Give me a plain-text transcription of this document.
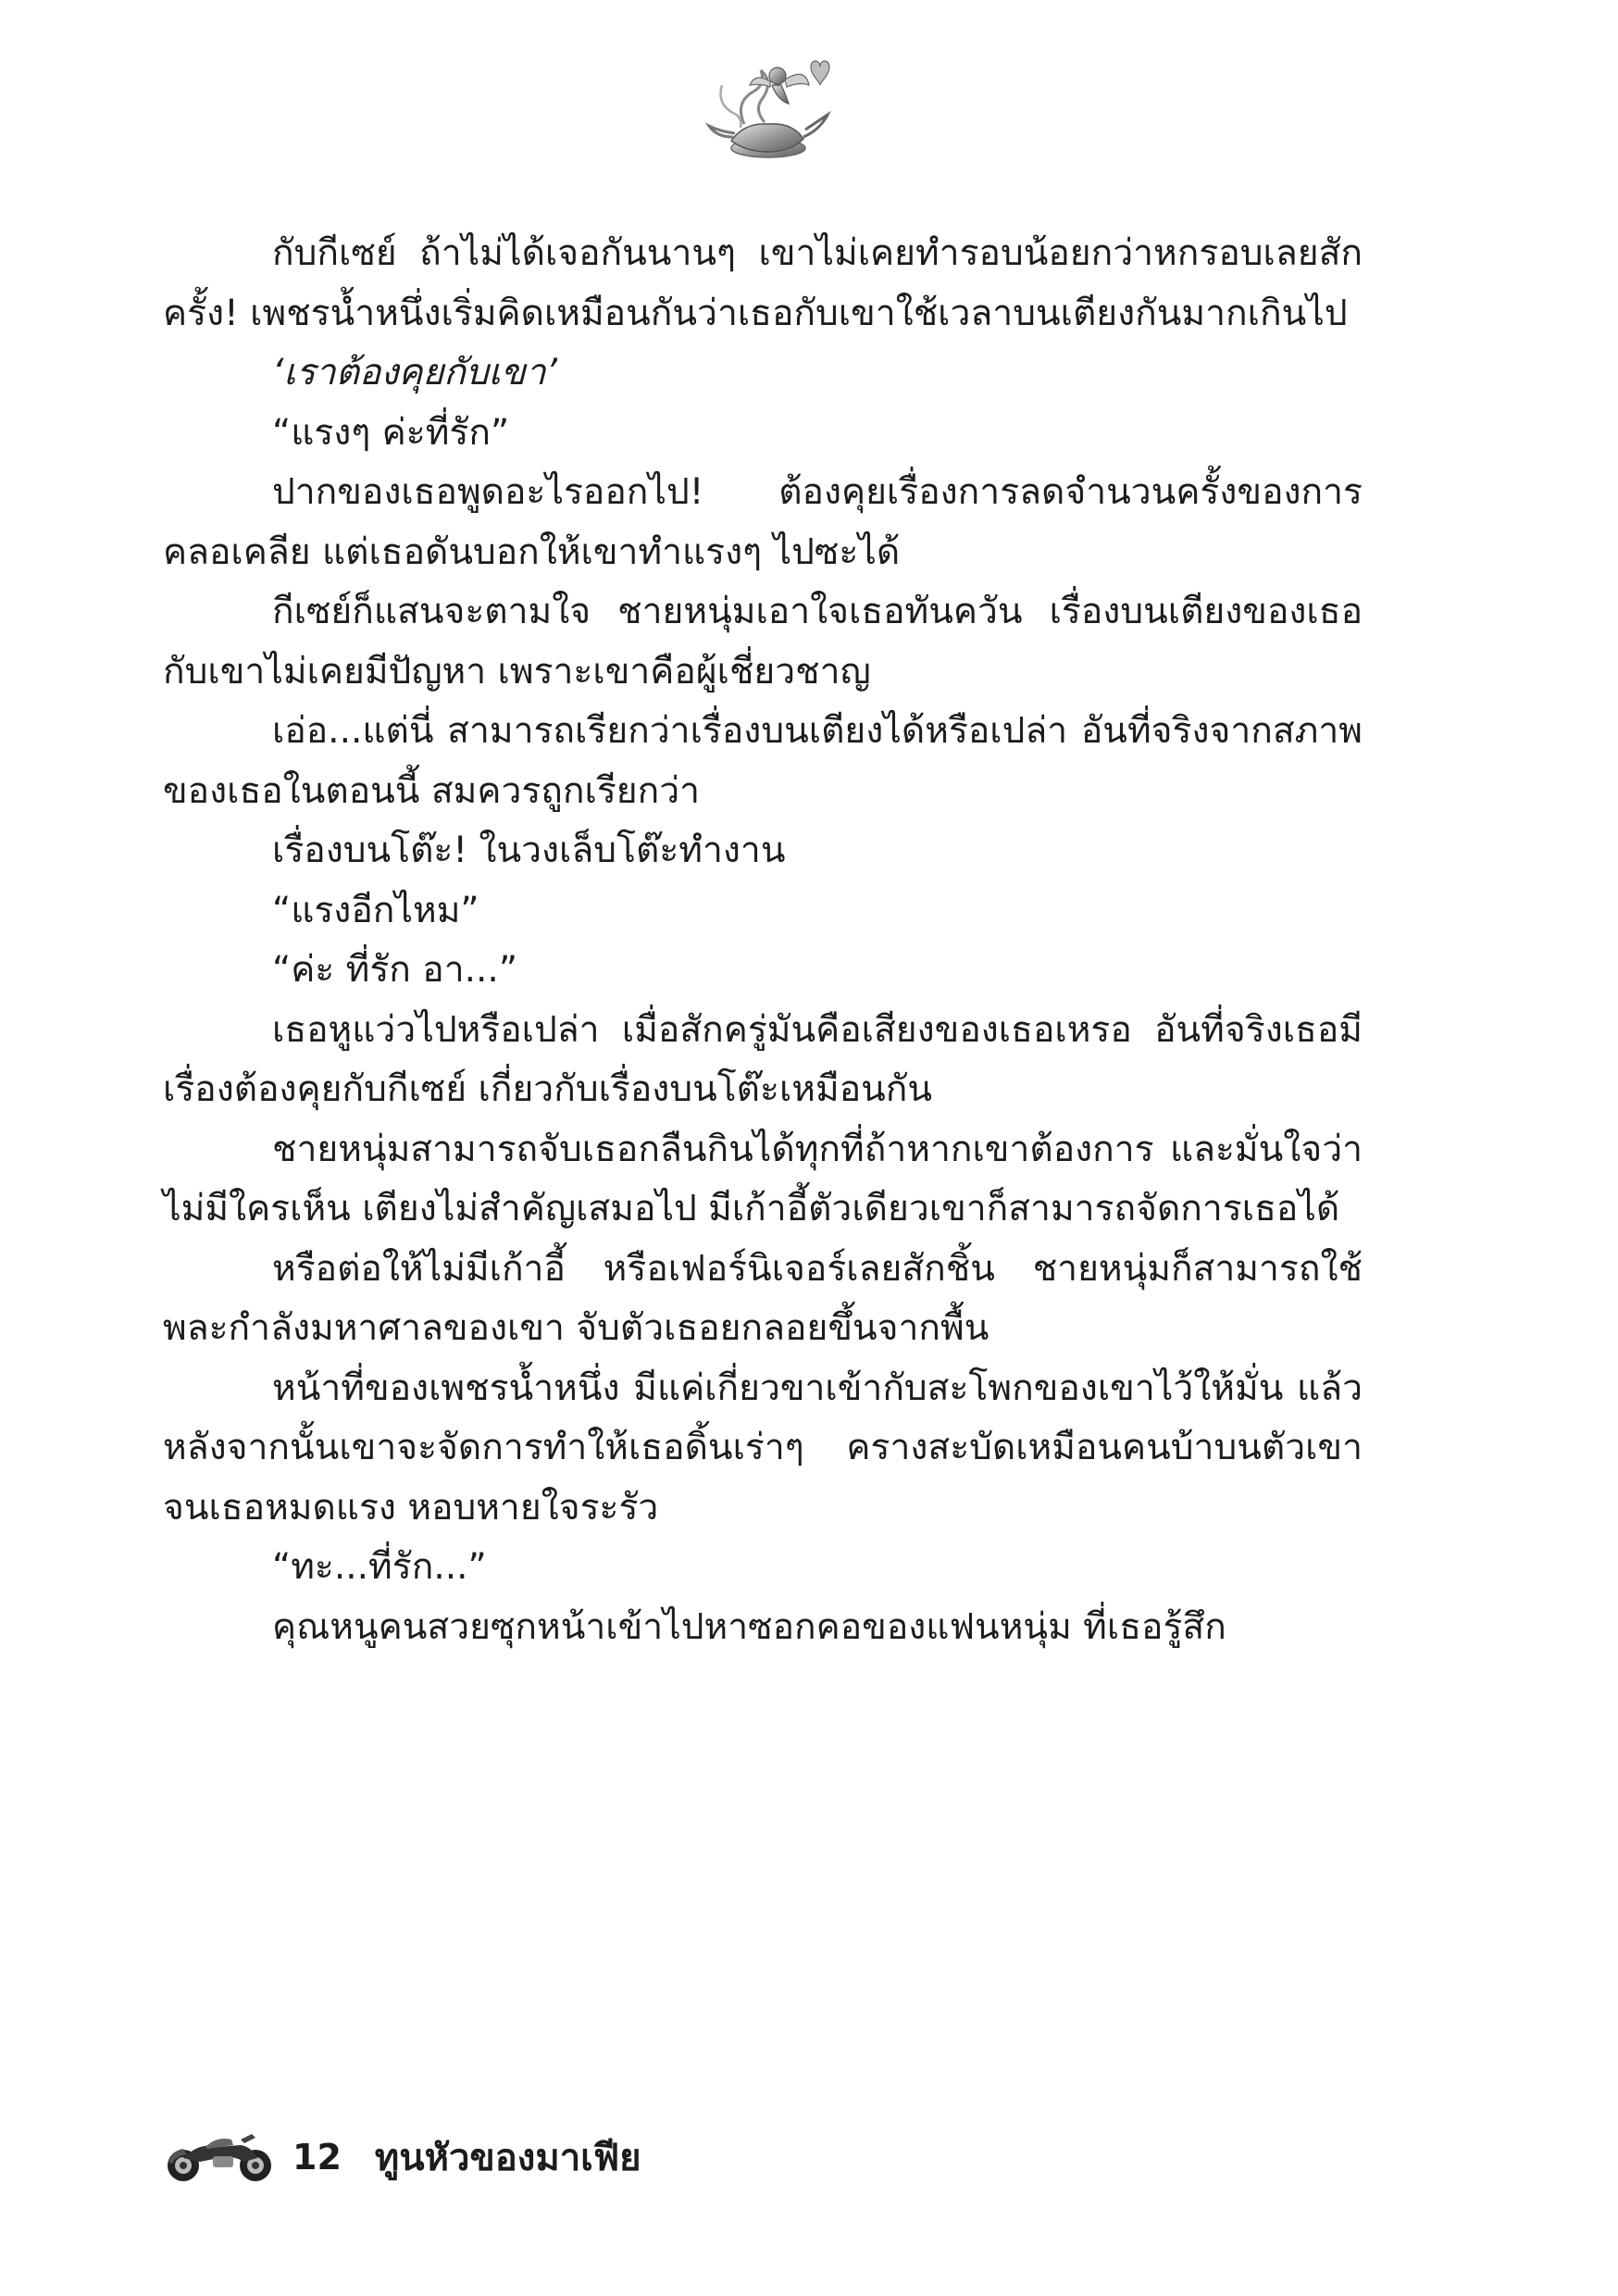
กับกีเซย์ ถ้าไม่ได้เจอกันนานๆ เขาไม่เคยทำรอบน้อยกว่าหกรอบเลยสักครั้ง! เพชรน้ำหนึ่งเริ่มคิดเหมือนกันว่าเธอกับเขาใช้เวลาบนเตียงกันมากเกินไป

‘เราต้องคุยกับเขา’

“แรงๆ ค่ะที่รัก”

ปากของเธอพูดอะไรออกไป! ต้องคุยเรื่องการลดจำนวนครั้งของการคลอเคลีย แต่เธอดันบอกให้เขาทำแรงๆ ไปซะได้

กีเซย์ก็แสนจะตามใจ ชายหนุ่มเอาใจเธอทันควัน เรื่องบนเตียงของเธอกับเขาไม่เคยมีปัญหา เพราะเขาคือผู้เชี่ยวชาญ

เอ่อ...แต่นี่ สามารถเรียกว่าเรื่องบนเตียงได้หรือเปล่า อันที่จริงจากสภาพของเธอในตอนนี้ สมควรถูกเรียกว่า

เรื่องบนโต๊ะ! ในวงเล็บโต๊ะทำงาน

“แรงอีกไหม”

“ค่ะ ที่รัก อา...”

เธอหูแว่วไปหรือเปล่า เมื่อสักครู่มันคือเสียงของเธอเหรอ อันที่จริงเธอมีเรื่องต้องคุยกับกีเซย์ เกี่ยวกับเรื่องบนโต๊ะเหมือนกัน

ชายหนุ่มสามารถจับเธอกลืนกินได้ทุกที่ถ้าหากเขาต้องการ และมั่นใจว่าไม่มีใครเห็น เตียงไม่สำคัญเสมอไป มีเก้าอี้ตัวเดียวเขาก็สามารถจัดการเธอได้

หรือต่อให้ไม่มีเก้าอี้ หรือเฟอร์นิเจอร์เลยสักชิ้น ชายหนุ่มก็สามารถใช้พละกำลังมหาศาลของเขา จับตัวเธอยกลอยขึ้นจากพื้น

หน้าที่ของเพชรน้ำหนึ่ง มีแค่เกี่ยวขาเข้ากับสะโพกของเขาไว้ให้มั่น แล้วหลังจากนั้นเขาจะจัดการทำให้เธอดิ้นเร่าๆ ครางสะบัดเหมือนคนบ้าบนตัวเขา จนเธอหมดแรง หอบหายใจระรัว

“ทะ...ที่รัก...”

คุณหนูคนสวยซุกหน้าเข้าไปหาซอกคอของแฟนหนุ่ม ที่เธอรู้สึก

12 ทูนหัวของมาเฟีย
